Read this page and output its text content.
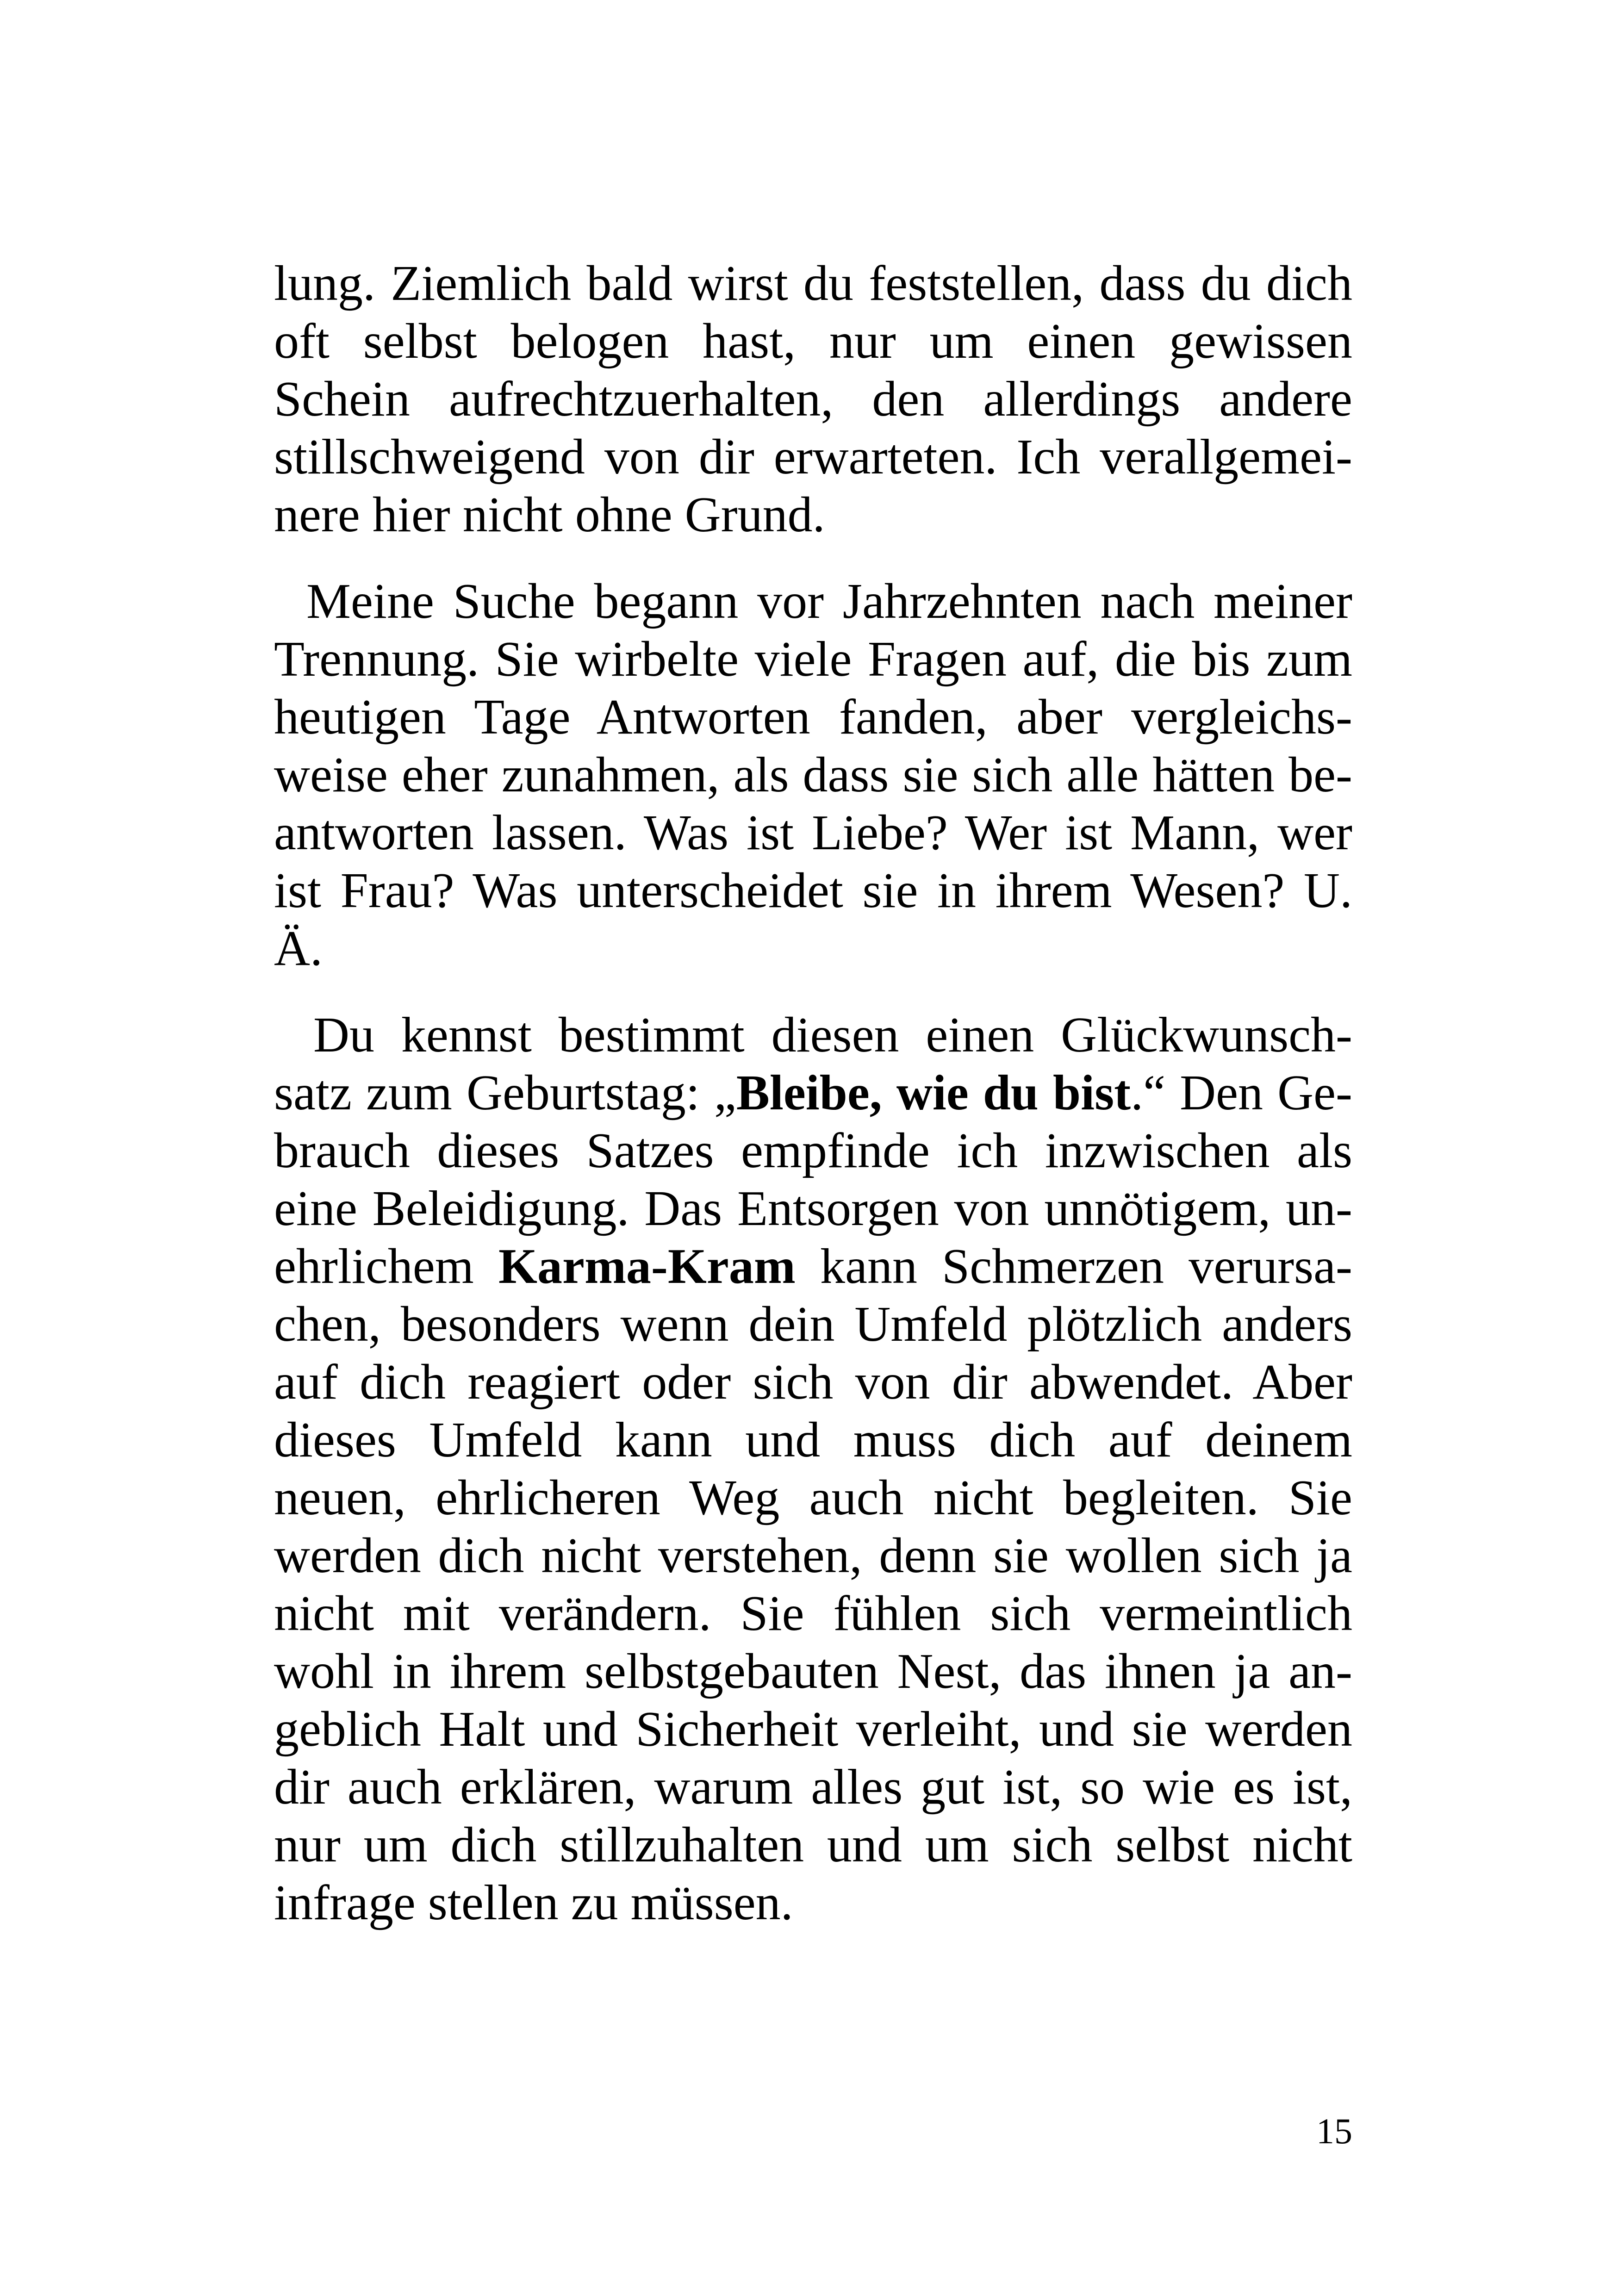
lung. Ziemlich bald wirst du feststellen, dass du dich
oft selbst belogen hast, nur um einen gewissen
Schein aufrechtzuerhalten, den allerdings andere
stillschweigend von dir erwarteten. Ich verallgemei-
nere hier nicht ohne Grund.

Meine Suche begann vor Jahrzehnten nach meiner
Trennung. Sie wirbelte viele Fragen auf, die bis zum
heutigen Tage Antworten fanden, aber vergleichs-
weise eher zunahmen, als dass sie sich alle hätten be-
antworten lassen. Was ist Liebe? Wer ist Mann, wer
ist Frau? Was unterscheidet sie in ihrem Wesen? U.
Ä.

Du kennst bestimmt diesen einen Glückwunsch-
satz zum Geburtstag: „Bleibe, wie du bist.“ Den Ge-
brauch dieses Satzes empfinde ich inzwischen als
eine Beleidigung. Das Entsorgen von unnötigem, un-
ehrlichem Karma-Kram kann Schmerzen verursa-
chen, besonders wenn dein Umfeld plötzlich anders
auf dich reagiert oder sich von dir abwendet. Aber
dieses Umfeld kann und muss dich auf deinem
neuen, ehrlicheren Weg auch nicht begleiten. Sie
werden dich nicht verstehen, denn sie wollen sich ja
nicht mit verändern. Sie fühlen sich vermeintlich
wohl in ihrem selbstgebauten Nest, das ihnen ja an-
geblich Halt und Sicherheit verleiht, und sie werden
dir auch erklären, warum alles gut ist, so wie es ist,
nur um dich stillzuhalten und um sich selbst nicht
infrage stellen zu müssen.

15
